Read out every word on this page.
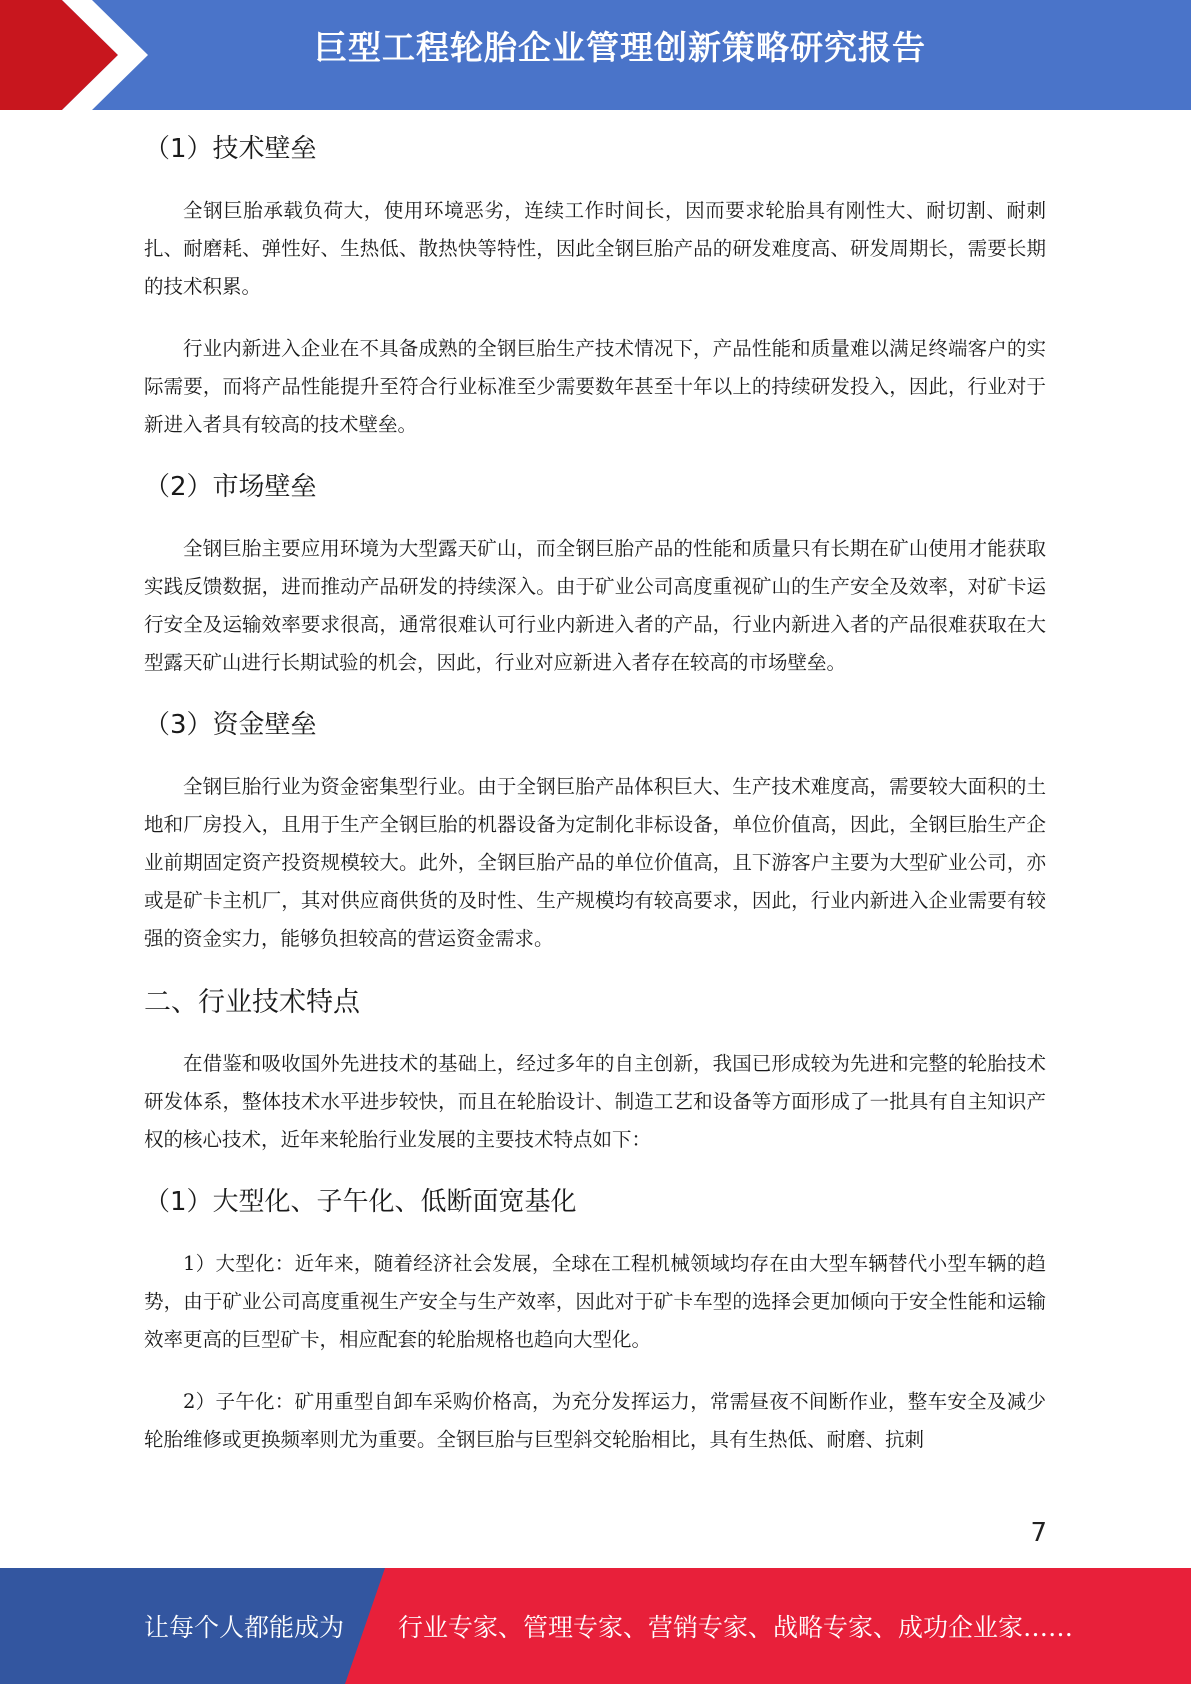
巨型工程轮胎企业管理创新策略研究报告
（1）技术壁垒

全钢巨胎承载负荷大，使用环境恶劣，连续工作时间长，因而要求轮胎具有刚性大、耐切割、耐刺扎、耐磨耗、弹性好、生热低、散热快等特性，因此全钢巨胎产品的研发难度高、研发周期长，需要长期的技术积累。

行业内新进入企业在不具备成熟的全钢巨胎生产技术情况下，产品性能和质量难以满足终端客户的实际需要，而将产品性能提升至符合行业标准至少需要数年甚至十年以上的持续研发投入，因此，行业对于新进入者具有较高的技术壁垒。

（2）市场壁垒

全钢巨胎主要应用环境为大型露天矿山，而全钢巨胎产品的性能和质量只有长期在矿山使用才能获取实践反馈数据，进而推动产品研发的持续深入。由于矿业公司高度重视矿山的生产安全及效率，对矿卡运行安全及运输效率要求很高，通常很难认可行业内新进入者的产品，行业内新进入者的产品很难获取在大型露天矿山进行长期试验的机会，因此，行业对应新进入者存在较高的市场壁垒。

（3）资金壁垒

全钢巨胎行业为资金密集型行业。由于全钢巨胎产品体积巨大、生产技术难度高，需要较大面积的土地和厂房投入，且用于生产全钢巨胎的机器设备为定制化非标设备，单位价值高，因此，全钢巨胎生产企业前期固定资产投资规模较大。此外，全钢巨胎产品的单位价值高，且下游客户主要为大型矿业公司，亦或是矿卡主机厂，其对供应商供货的及时性、生产规模均有较高要求，因此，行业内新进入企业需要有较强的资金实力，能够负担较高的营运资金需求。

二、行业技术特点

在借鉴和吸收国外先进技术的基础上，经过多年的自主创新，我国已形成较为先进和完整的轮胎技术研发体系，整体技术水平进步较快，而且在轮胎设计、制造工艺和设备等方面形成了一批具有自主知识产权的核心技术，近年来轮胎行业发展的主要技术特点如下：

（1）大型化、子午化、低断面宽基化

1）大型化：近年来，随着经济社会发展，全球在工程机械领域均存在由大型车辆替代小型车辆的趋势，由于矿业公司高度重视生产安全与生产效率，因此对于矿卡车型的选择会更加倾向于安全性能和运输效率更高的巨型矿卡，相应配套的轮胎规格也趋向大型化。

2）子午化：矿用重型自卸车采购价格高，为充分发挥运力，常需昼夜不间断作业，整车安全及减少轮胎维修或更换频率则尤为重要。全钢巨胎与巨型斜交轮胎相比，具有生热低、耐磨、抗刺

7
让每个人都能成为 行业专家、管理专家、营销专家、战略专家、成功企业家……
